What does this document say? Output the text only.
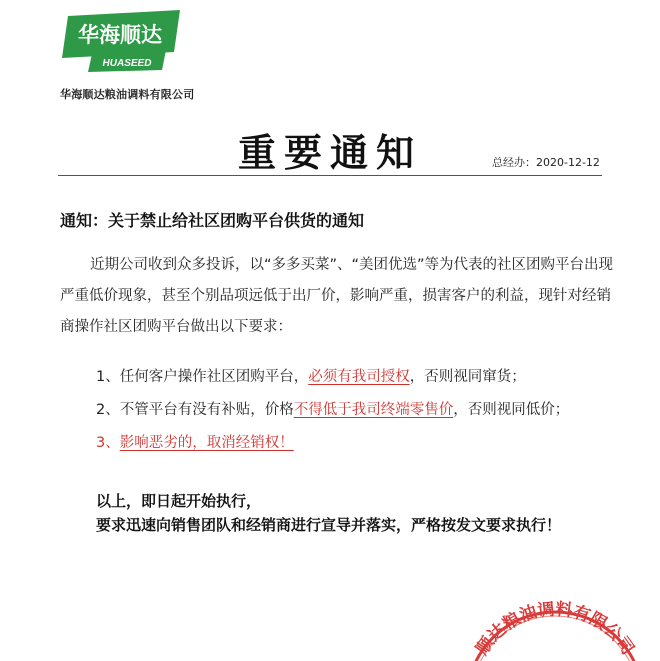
华海顺达
HUASEED
华海顺达粮油调料有限公司
重要通知	总经办：2020-12-12
通知：关于禁止给社区团购平台供货的通知
近期公司收到众多投诉，以“多多买菜”、“美团优选”等为代表的社区团购平台出现严重低价现象，甚至个别品项远低于出厂价，影响严重，损害客户的利益，现针对经销商操作社区团购平台做出以下要求：
1、任何客户操作社区团购平台，必须有我司授权，否则视同窜货；
2、不管平台有没有补贴，价格不得低于我司终端零售价，否则视同低价；
3、影响恶劣的，取消经销权！
以上，即日起开始执行，
要求迅速向销售团队和经销商进行宣导并落实，严格按发文要求执行！
顺达粮油调料有限公司
